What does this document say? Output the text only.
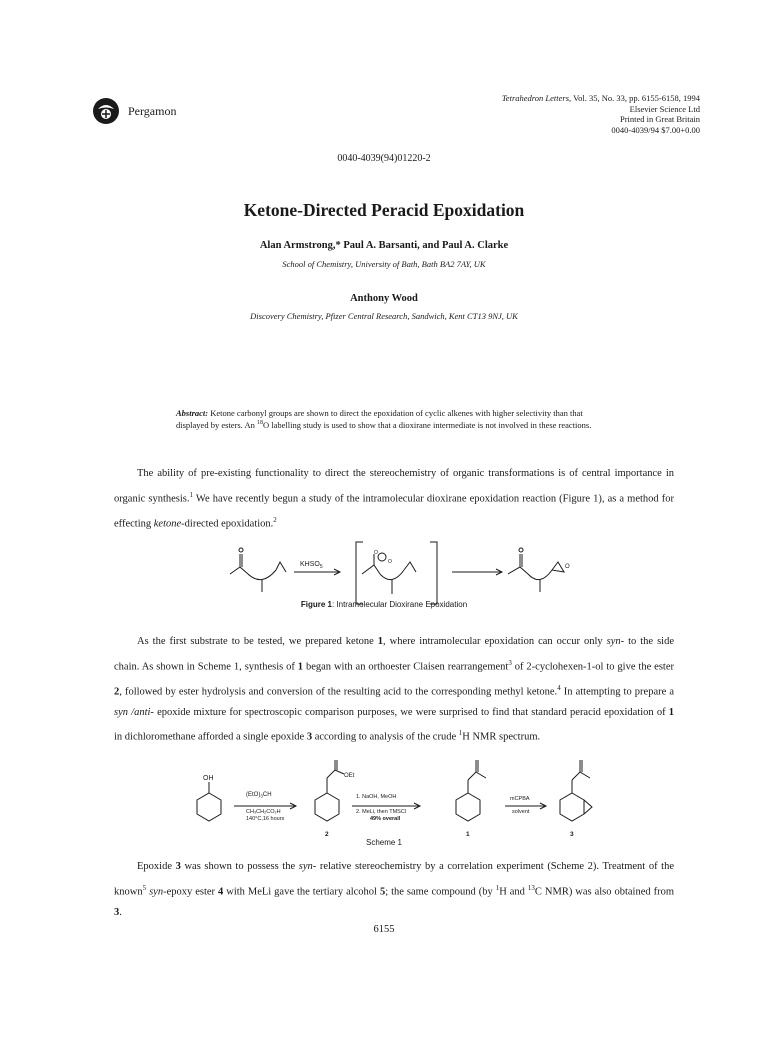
Pergamon
Tetrahedron Letters, Vol. 35, No. 33, pp. 6155-6158, 1994
Elsevier Science Ltd
Printed in Great Britain
0040-4039/94 $7.00+0.00
0040-4039(94)01220-2
Ketone-Directed Peracid Epoxidation
Alan Armstrong,* Paul A. Barsanti, and Paul A. Clarke
School of Chemistry, University of Bath, Bath BA2 7AY, UK
Anthony Wood
Discovery Chemistry, Pfizer Central Research, Sandwich, Kent CT13 9NJ, UK
Abstract: Ketone carbonyl groups are shown to direct the epoxidation of cyclic alkenes with higher selectivity than that displayed by esters. An $^{18}$O labelling study is used to show that a dioxirane intermediate is not involved in these reactions.

The ability of pre-existing functionality to direct the stereochemistry of organic transformations is of central importance in organic synthesis.$^1$ We have recently begun a study of the intramolecular dioxirane epoxidation reaction (Figure 1), as a method for effecting ketone-directed epoxidation.$^2$

O
O
O
$KHSO_5$
Figure 1: Intramolecular Dioxirane Epoxidation

As the first substrate to be tested, we prepared ketone 1, where intramolecular epoxidation can occur only syn- to the side chain. As shown in Scheme 1, synthesis of 1 began with an orthoester Claisen rearrangement$^3$ of 2-cyclohexen-1-ol to give the ester 2, followed by ester hydrolysis and conversion of the resulting acid to the corresponding methyl ketone.$^4$ In attempting to prepare a syn /anti- epoxide mixture for spectroscopic comparison purposes, we were surprised to find that standard peracid epoxidation of 1 in dichloromethane afforded a single epoxide 3 according to analysis of the crude $^1$H NMR spectrum.

OH	OEt
$(EtO)_3CH$
CH₃CH₂CO₂H
140°C,16 hours
1. NaOH, MeOH
2. MeLi, then TMSCl
49% overall
mCPBA
solvent
2	1	3
Scheme 1

Epoxide 3 was shown to possess the syn- relative stereochemistry by a correlation experiment (Scheme 2). Treatment of the known$^5$ syn-epoxy ester 4 with MeLi gave the tertiary alcohol 5; the same compound (by $^1$H and $^{13}$C NMR) was also obtained from 3.

6155
